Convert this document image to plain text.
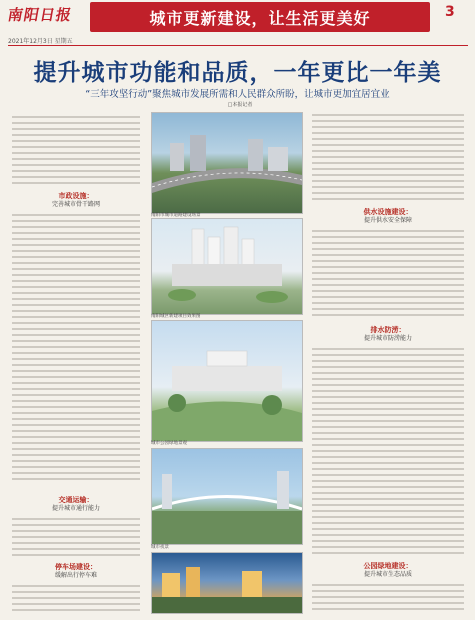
南阳日报	城市更新建设，让生活更美好	3
2021年12月3日 星期五
提升城市功能和品质，一年更比一年美
“三年攻坚行动”聚焦城市发展所需和人民群众所盼，让城市更加宜居宜业
□本报记者
市政设施：
完善城市骨干路网
交通运输：
提升城市通行能力
停车场建设：
缓解出行停车难
南阳市城市道路建设场景
南阳城区新建项目效果图
城市公园绿地景观
城市夜景
供水设施建设：
提升供水安全保障
排水防涝：
提升城市防涝能力
公园绿地建设：
提升城市生态品质
